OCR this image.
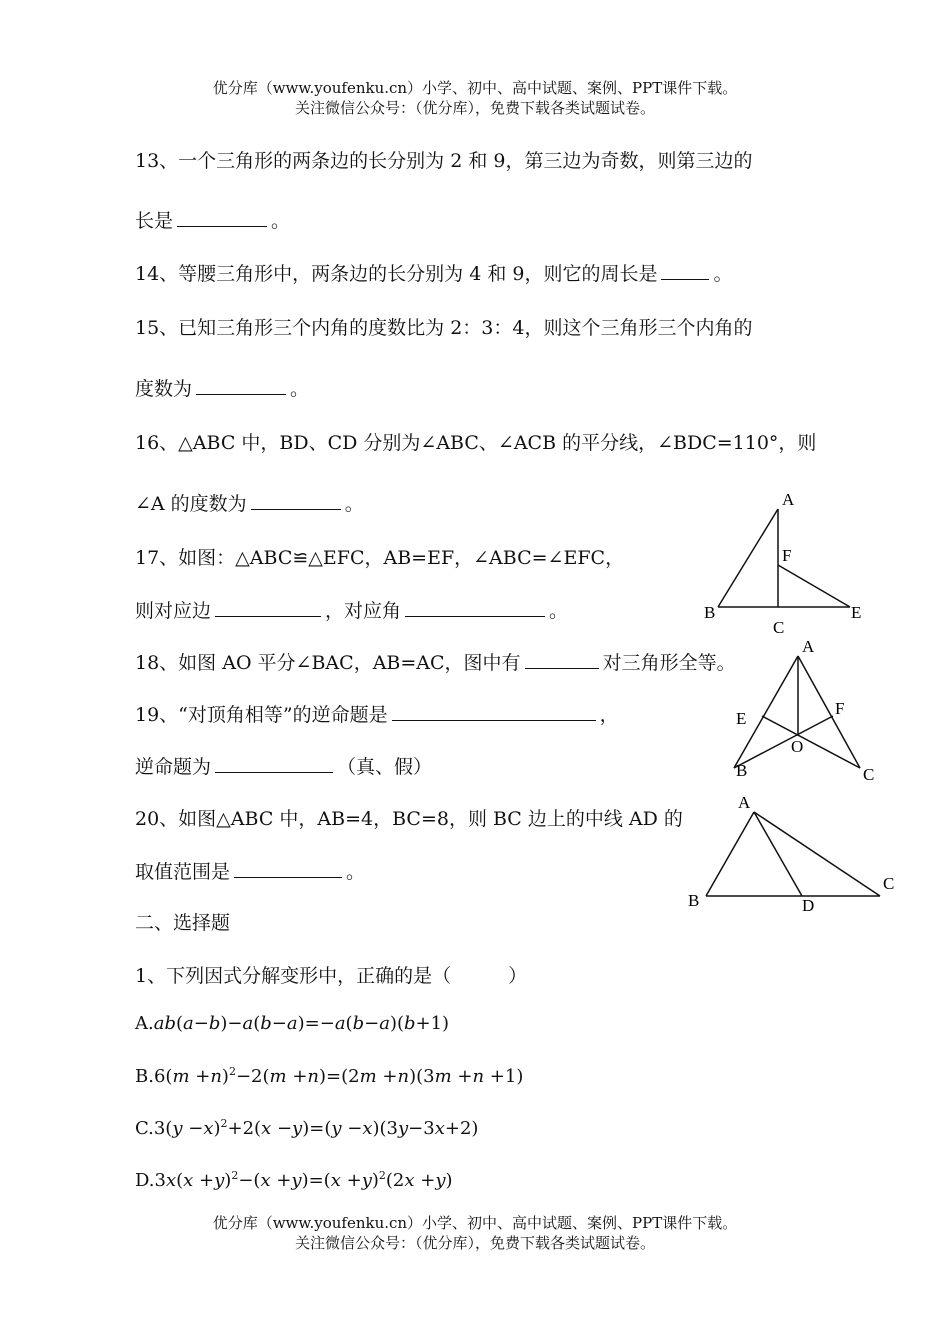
优分库（www.youfenku.cn）小学、初中、高中试题、案例、PPT课件下载。
关注微信公众号：（优分库），免费下载各类试题试卷。
13、一个三角形的两条边的长分别为 2 和 9，第三边为奇数，则第三边的
长是	。
14、等腰三角形中，两条边的长分别为 4 和 9，则它的周长是	。
15、已知三角形三个内角的度数比为 2：3：4，则这个三角形三个内角的
度数为	。
16、△ABC 中，BD、CD 分别为∠ABC、∠ACB 的平分线，∠BDC=110°，则
∠A 的度数为	。
17、如图：△ABC≌△EFC，AB=EF，∠ABC=∠EFC，
则对应边	，对应角	。
18、如图 AO 平分∠BAC，AB=AC，图中有	对三角形全等。
19、“对顶角相等”的逆命题是	，
逆命题为	（真、假）
20、如图△ABC 中，AB=4，BC=8，则 BC 边上的中线 AD 的
取值范围是	。
二、选择题
1、下列因式分解变形中，正确的是（　　　）
A.ab(a−b)−a(b−a)=−a(b−a)(b+1)
$B.6(m +n)^2-2(m +n)=(2m +n)(3m +n +1)$
$C.3(y -x)^2+2(x -y)=(y -x)(3y-3x+2)$
$D.3x(x +y)^2-(x +y)=(x +y)^2(2x +y)$
A
F
B
C
E
A
E
F
O
B	C
A
B
C
D
优分库（www.youfenku.cn）小学、初中、高中试题、案例、PPT课件下载。
关注微信公众号：（优分库），免费下载各类试题试卷。
